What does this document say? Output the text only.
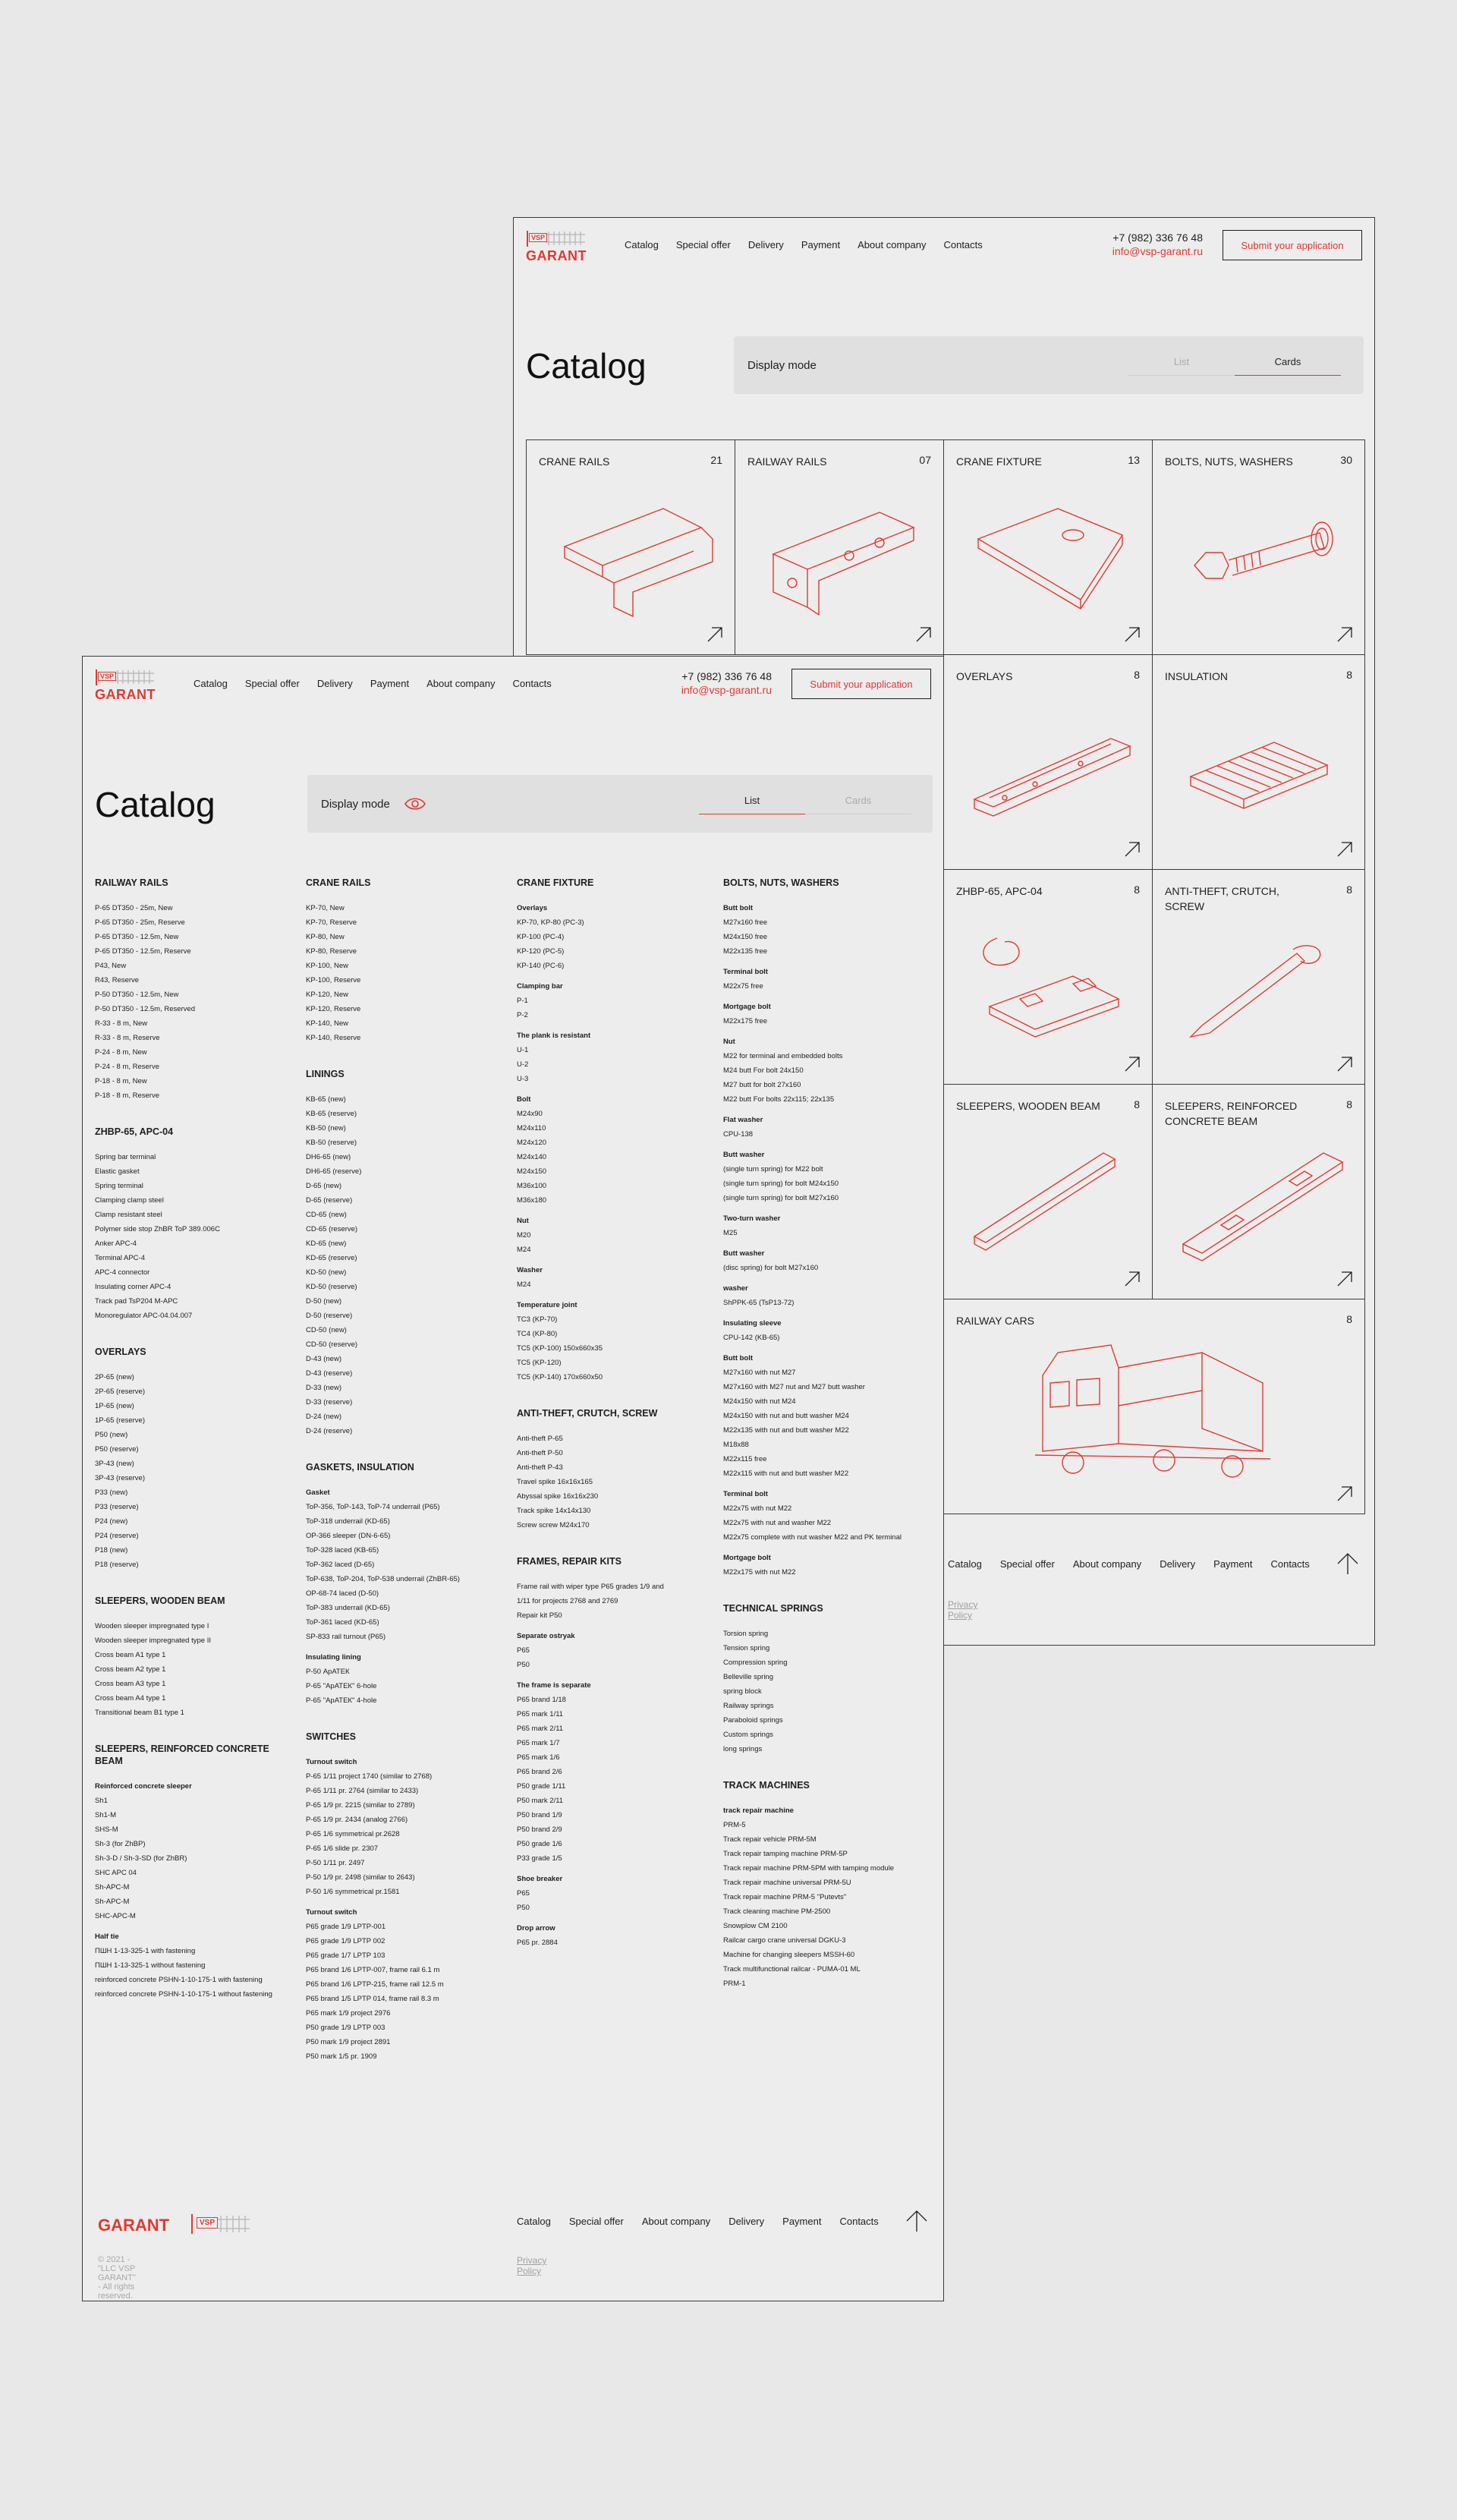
VSP
GARANT
Catalog Special offer Delivery Payment About company Contacts
+7 (982) 336 76 48
info@vsp-garant.ru	Submit your application
Catalog	Display mode	List	Cards
CRANE RAILS	21 RAILWAY RAILS	07 CRANE FIXTURE	13 BOLTS, NUTS, WASHERS	30
OVERLAYS	8 INSULATION	8
ZHBP-65, APC-04	8 ANTI-THEFT, CRUTCH, SCREW
8
SLEEPERS, WOODEN BEAM	8 SLEEPERS, REINFORCED CONCRETE BEAM
8
RAILWAY CARS	8
Catalog Special offer About company Delivery Payment Contacts
Privacy Policy
VSP
GARANT
Catalog Special offer Delivery Payment About company Contacts
+7 (982) 336 76 48
info@vsp-garant.ru	Submit your application
Catalog	Display mode	List	Cards
RAILWAY RAILS
P-65 DT350 - 25m, New
P-65 DT350 - 25m, Reserve
P-65 DT350 - 12.5m, New
P-65 DT350 - 12.5m, Reserve
P43, New
R43, Reserve
P-50 DT350 - 12.5m, New
P-50 DT350 - 12.5m, Reserved
R-33 - 8 m, New
R-33 - 8 m, Reserve
P-24 - 8 m, New
P-24 - 8 m, Reserve
P-18 - 8 m, New
P-18 - 8 m, Reserve
ZHBP-65, APC-04
Spring bar terminal
Elastic gasket
Spring terminal
Clamping clamp steel
Clamp resistant steel
Polymer side stop ZhBR ToP 389.006C
Anker APC-4
Terminal APC-4
APC-4 connector
Insulating corner APC-4
Track pad TsP204 M-APC
Monoregulator APC-04.04.007
OVERLAYS
2P-65 (new)
2P-65 (reserve)
1P-65 (new)
1P-65 (reserve)
P50 (new)
P50 (reserve)
3P-43 (new)
3P-43 (reserve)
P33 (new)
P33 (reserve)
P24 (new)
P24 (reserve)
P18 (new)
P18 (reserve)
SLEEPERS, WOODEN BEAM
Wooden sleeper impregnated type I
Wooden sleeper impregnated type II
Cross beam A1 type 1
Cross beam A2 type 1
Cross beam A3 type 1
Cross beam A4 type 1
Transitional beam B1 type 1
SLEEPERS, REINFORCED CONCRETE BEAM
Reinforced concrete sleeper
Sh1
Sh1-M
SHS-M
Sh-3 (for ZhBP)
Sh-3-D / Sh-3-SD (for ZhBR)
SHC APC 04
Sh-APC-M
Sh-APC-M
SHC-APC-M
Half tie
ПШН 1-13-325-1 with fastening
ПШН 1-13-325-1 without fastening
reinforced concrete PSHN-1-10-175-1 with fastening
reinforced concrete PSHN-1-10-175-1 without fastening
CRANE RAILS
KP-70, New
KP-70, Reserve
KP-80, New
KP-80, Reserve
KP-100, New
KP-100, Reserve
KP-120, New
KP-120, Reserve
KP-140, New
KP-140, Reserve
LININGS
KB-65 (new)
KB-65 (reserve)
KB-50 (new)
KB-50 (reserve)
DH6-65 (new)
DH6-65 (reserve)
D-65 (new)
D-65 (reserve)
CD-65 (new)
CD-65 (reserve)
KD-65 (new)
KD-65 (reserve)
KD-50 (new)
KD-50 (reserve)
D-50 (new)
D-50 (reserve)
CD-50 (new)
CD-50 (reserve)
D-43 (new)
D-43 (reserve)
D-33 (new)
D-33 (reserve)
D-24 (new)
D-24 (reserve)
GASKETS, INSULATION
Gasket
ToP-356, ToP-143, ToP-74 underrail (P65)
ToP-318 underrail (KD-65)
OP-366 sleeper (DN-6-65)
ToP-328 laced (KB-65)
ToP-362 laced (D-65)
ToP-638, ToP-204, ToP-538 underrail (ZhBR-65)
OP-68-74 laced (D-50)
ToP-383 underrail (KD-65)
ToP-361 laced (KD-65)
SP-833 rail turnout (P65)
Insulating lining
P-50 АрАТЕК
P-65 "АрАТЕК" 6-hole
P-65 "АрАТЕК" 4-hole
SWITCHES
Turnout switch
P-65 1/11 project 1740 (similar to 2768)
P-65 1/11 pr. 2764 (similar to 2433)
P-65 1/9 pr. 2215 (similar to 2789)
P-65 1/9 pr. 2434 (analog 2766)
P-65 1/6 symmetrical pr.2628
P-65 1/6 slide pr. 2307
P-50 1/11 pr. 2497
P-50 1/9 pr. 2498 (similar to 2643)
P-50 1/6 symmetrical pr.1581
Turnout switch
P65 grade 1/9 LPTP-001
P65 grade 1/9 LPTP 002
P65 grade 1/7 LPTP 103
P65 brand 1/6 LPTP-007, frame rail 6.1 m
P65 brand 1/6 LPTP-215, frame rail 12.5 m
P65 brand 1/5 LPTP 014, frame rail 8.3 m
P65 mark 1/9 project 2976
P50 grade 1/9 LPTP 003
P50 mark 1/9 project 2891
P50 mark 1/5 pr. 1909
CRANE FIXTURE
Overlays
KP-70, KP-80 (PC-3)
KP-100 (PC-4)
KP-120 (PC-5)
KP-140 (PC-6)
Clamping bar
P-1
P-2
The plank is resistant
U-1
U-2
U-3
Bolt
M24x90
M24x110
M24x120
M24x140
M24x150
M36x100
M36x180
Nut
M20
M24
Washer
M24
Temperature joint
TC3 (KP-70)
TC4 (KP-80)
TC5 (KP-100) 150x660x35
TC5 (KP-120)
TC5 (KP-140) 170x660x50
ANTI-THEFT, CRUTCH, SCREW
Anti-theft P-65
Anti-theft P-50
Anti-theft P-43
Travel spike 16x16x165
Abyssal spike 16x16x230
Track spike 14x14x130
Screw screw M24x170
FRAMES, REPAIR KITS
Frame rail with wiper type P65 grades 1/9 and
1/11 for projects 2768 and 2769
Repair kit P50
Separate ostryak
P65
P50
The frame is separate
P65 brand 1/18
P65 mark 1/11
P65 mark 2/11
P65 mark 1/7
P65 mark 1/6
P65 brand 2/6
P50 grade 1/11
P50 mark 2/11
P50 brand 1/9
P50 brand 2/9
P50 grade 1/6
P33 grade 1/5
Shoe breaker
P65
P50
Drop arrow
P65 pr. 2884
BOLTS, NUTS, WASHERS
Butt bolt
M27x160 free
M24x150 free
M22x135 free
Terminal bolt
M22x75 free
Mortgage bolt
M22x175 free
Nut
M22 for terminal and embedded bolts
M24 butt For bolt 24x150
M27 butt for bolt 27x160
M22 butt For bolts 22x115; 22x135
Flat washer
CPU-138
Butt washer
(single turn spring) for M22 bolt
(single turn spring) for bolt M24x150
(single turn spring) for bolt M27x160
Two-turn washer
M25
Butt washer
(disc spring) for bolt M27x160
washer
ShPPK-65 (TsP13-72)
Insulating sleeve
CPU-142 (KB-65)
Butt bolt
M27x160 with nut M27
M27x160 with M27 nut and M27 butt washer
M24x150 with nut M24
M24x150 with nut and butt washer M24
M22x135 with nut and butt washer M22
M18x88
M22x115 free
M22x115 with nut and butt washer M22
Terminal bolt
M22x75 with nut M22
M22x75 with nut and washer M22
M22x75 complete with nut washer M22 and PK terminal
Mortgage bolt
M22x175 with nut M22
TECHNICAL SPRINGS
Torsion spring
Tension spring
Compression spring
Belleville spring
spring block
Railway springs
Paraboloid springs
Custom springs
long springs
TRACK MACHINES
track repair machine
PRM-5
Track repair vehicle PRM-5M
Track repair tamping machine PRM-5P
Track repair machine PRM-5PM with tamping module
Track repair machine universal PRM-5U
Track repair machine PRM-5 "Putevts"
Track cleaning machine PM-2500
Snowplow CM 2100
Railcar cargo crane universal DGKU-3
Machine for changing sleepers MSSH-60
Track multifunctional railcar - PUMA-01 ML
PRM-1
GARANT	VSP	Catalog Special offer About company Delivery Payment Contacts
© 2021 - "LLC VSP GARANT" - All rights reserved.
Privacy Policy
